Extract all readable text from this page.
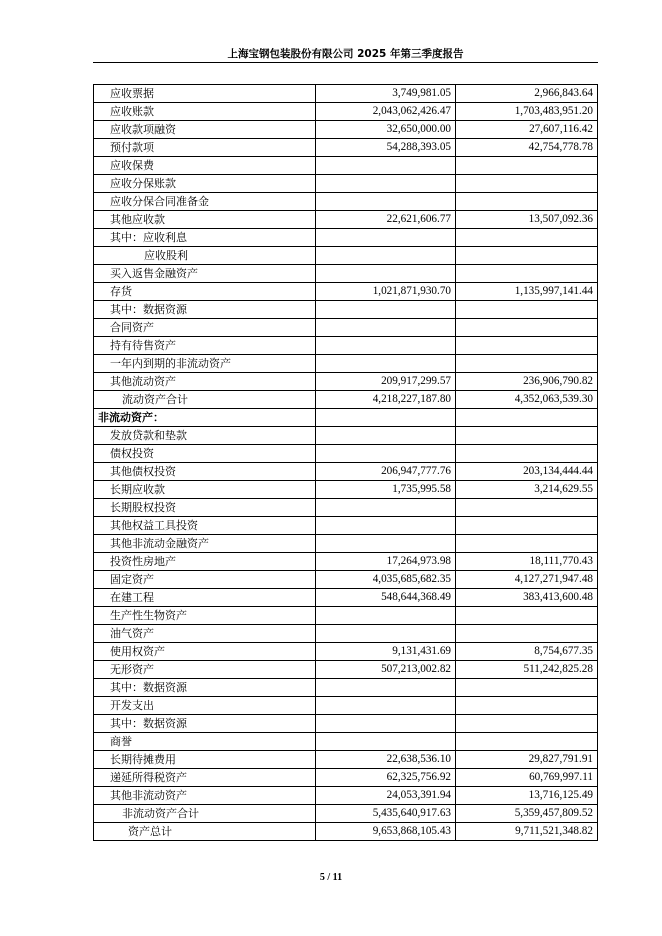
上海宝钢包装股份有限公司 2025 年第三季度报告
应收票据	3,749,981.05	2,966,843.64
应收账款	2,043,062,426.47	1,703,483,951.20
应收款项融资	32,650,000.00	27,607,116.42
预付款项	54,288,393.05	42,754,778.78
应收保费		
应收分保账款		
应收分保合同准备金		
其他应收款	22,621,606.77	13,507,092.36
其中：应收利息		
应收股利		
买入返售金融资产		
存货	1,021,871,930.70	1,135,997,141.44
其中：数据资源		
合同资产		
持有待售资产		
一年内到期的非流动资产		
其他流动资产	209,917,299.57	236,906,790.82
流动资产合计	4,218,227,187.80	4,352,063,539.30
非流动资产：		
发放贷款和垫款		
债权投资		
其他债权投资	206,947,777.76	203,134,444.44
长期应收款	1,735,995.58	3,214,629.55
长期股权投资		
其他权益工具投资		
其他非流动金融资产		
投资性房地产	17,264,973.98	18,111,770.43
固定资产	4,035,685,682.35	4,127,271,947.48
在建工程	548,644,368.49	383,413,600.48
生产性生物资产		
油气资产		
使用权资产	9,131,431.69	8,754,677.35
无形资产	507,213,002.82	511,242,825.28
其中：数据资源		
开发支出		
其中：数据资源		
商誉		
长期待摊费用	22,638,536.10	29,827,791.91
递延所得税资产	62,325,756.92	60,769,997.11
其他非流动资产	24,053,391.94	13,716,125.49
非流动资产合计	5,435,640,917.63	5,359,457,809.52
资产总计	9,653,868,105.43	9,711,521,348.82
5 / 11
